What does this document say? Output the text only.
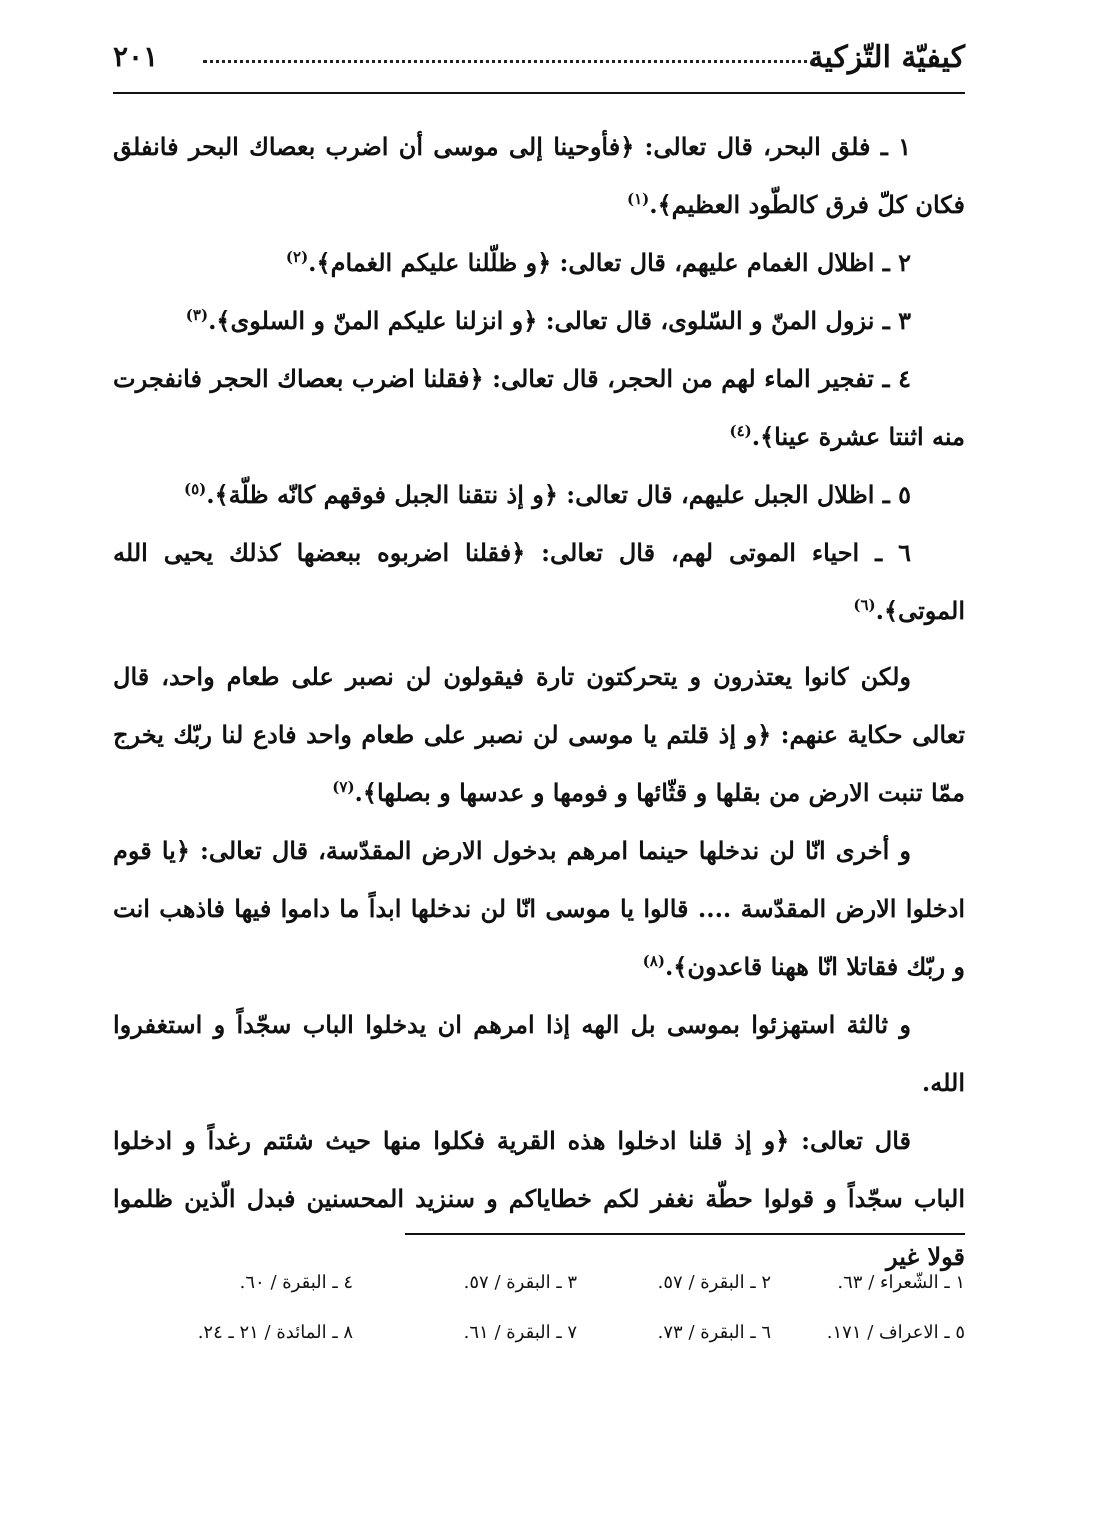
كيفيّة التّزكية
٢٠١

١ ـ فلق البحر، قال تعالى: ﴿فأوحينا إلى موسى أن اضرب بعصاك البحر فانفلق فكان كلّ فرق كالطّود العظيم﴾.$^{(١)}$

٢ ـ اظلال الغمام عليهم، قال تعالى: ﴿و ظلّلنا عليكم الغمام﴾.$^{(٢)}$

٣ ـ نزول المنّ و السّلوى، قال تعالى: ﴿و انزلنا عليكم المنّ و السلوى﴾.$^{(٣)}$

٤ ـ تفجير الماء لهم من الحجر، قال تعالى: ﴿فقلنا اضرب بعصاك الحجر فانفجرت منه اثنتا عشرة عينا﴾.$^{(٤)}$

٥ ـ اظلال الجبل عليهم، قال تعالى: ﴿و إذ نتقنا الجبل فوقهم كانّه ظلّة﴾.$^{(٥)}$

٦ ـ احياء الموتى لهم، قال تعالى: ﴿فقلنا اضربوه ببعضها كذلك يحيى الله الموتى﴾.$^{(٦)}$

ولكن كانوا يعتذرون و يتحركتون تارة فيقولون لن نصبر على طعام واحد، قال تعالى حكاية عنهم: ﴿و إذ قلتم يا موسى لن نصبر على طعام واحد فادع لنا ربّك يخرج ممّا تنبت الارض من بقلها و قثّائها و فومها و عدسها و بصلها﴾.$^{(٧)}$

و أخرى انّا لن ندخلها حينما امرهم بدخول الارض المقدّسة، قال تعالى: ﴿يا قوم ادخلوا الارض المقدّسة .... قالوا يا موسى انّا لن ندخلها ابداً ما داموا فيها فاذهب انت و ربّك فقاتلا انّا ههنا قاعدون﴾.$^{(٨)}$

و ثالثة استهزئوا بموسى بل الهه إذا امرهم ان يدخلوا الباب سجّداً و استغفروا الله.

قال تعالى: ﴿و إذ قلنا ادخلوا هذه القرية فكلوا منها حيث شئتم رغداً و ادخلوا الباب سجّداً و قولوا حطّة نغفر لكم خطاياكم و سنزيد المحسنين فبدل الّذين ظلموا قولا غير

١ ـ الشّعراء / ٦٣.
٢ ـ البقرة / ٥٧.
٣ ـ البقرة / ٥٧.
٤ ـ البقرة / ٦٠.
٥ ـ الاعراف / ١٧١.
٦ ـ البقرة / ٧٣.
٧ ـ البقرة / ٦١.
٨ ـ المائدة / ٢١ ـ ٢٤.
